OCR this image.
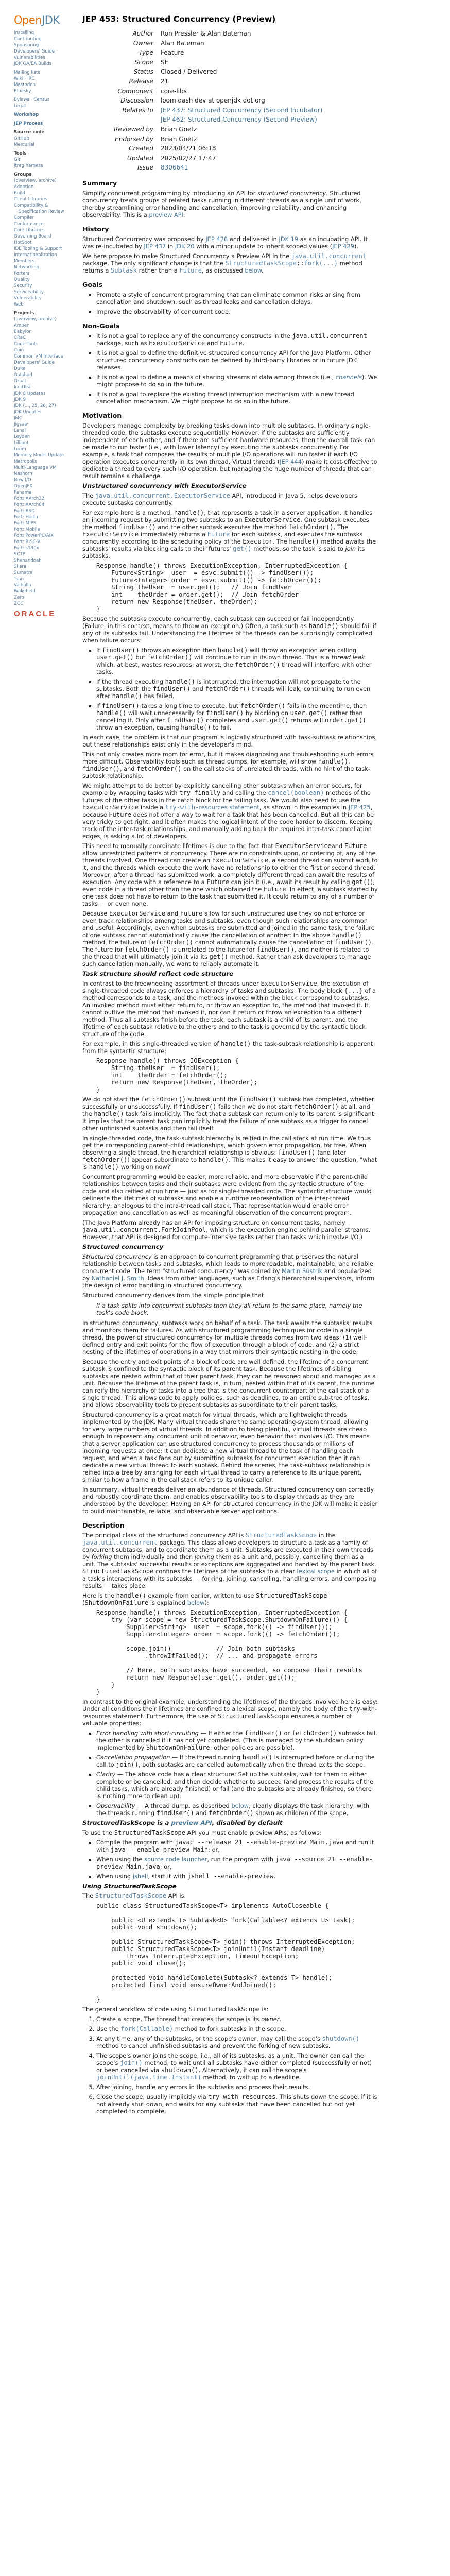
OpenJDK
Installing
Contributing
Sponsoring
Developers' Guide
Vulnerabilities
JDK GA/EA Builds
Mailing lists
Wiki · IRC
Mastodon
Bluesky
Bylaws · Census
Legal
Workshop
JEP Process
Source code
GitHub
Mercurial
Tools
Git
jtreg harness
Groups
(overview, archive)
Adoption
Build
Client Libraries
Compatibility & Specification Review
Compiler
Conformance
Core Libraries
Governing Board
HotSpot
IDE Tooling & Support
Internationalization
Members
Networking
Porters
Quality
Security
Serviceability
Vulnerability
Web
Projects
(overview, archive)
Amber
Babylon
CRaC
Code Tools
Coin
Common VM Interface
Developers' Guide
Duke
Galahad
Graal
IcedTea
JDK 8 Updates
JDK 9
JDK (..., 25, 26, 27)
JDK Updates
JMC
Jigsaw
Lanai
Leyden
Lilliput
Loom
Memory Model Update
Metropolis
Multi-Language VM
Nashorn
New I/O
OpenJFX
Panama
Port: AArch32
Port: AArch64
Port: BSD
Port: Haiku
Port: MIPS
Port: Mobile
Port: PowerPC/AIX
Port: RISC-V
Port: s390x
SCTP
Shenandoah
Skara
Sumatra
Tsan
Valhalla
Wakefield
Zero
ZGC
ORACLE
JEP 453: Structured Concurrency (Preview)
Author	Ron Pressler & Alan Bateman

Owner	Alan Bateman

Type	Feature

Scope	SE

Status	Closed / Delivered

Release	21

Component	core-libs

Discussion	loom dash dev at openjdk dot org

Relates to	JEP 437: Structured Concurrency (Second Incubator)
JEP 462: Structured Concurrency (Second Preview)

Reviewed by	Brian Goetz

Endorsed by	Brian Goetz

Created	2023/04/21 06:18

Updated	2025/02/27 17:47

Issue	8306641
Summary

Simplify concurrent programming by introducing an API for structured concurrency. Structured concurrency treats groups of related tasks running in different threads as a single unit of work, thereby streamlining error handling and cancellation, improving reliability, and enhancing observability. This is a preview API.

History

Structured Concurrency was proposed by JEP 428 and delivered in JDK 19 as an incubating API. It was re-incubated by JEP 437 in JDK 20 with a minor update to inherit scoped values (JEP 429).

We here propose to make Structured Concurrency a Preview API in the java.util.concurrent package. The only significant change is that the StructuredTaskScope::fork(...) method returns a Subtask rather than a Future, as discussed below.

Goals
▪ Promote a style of concurrent programming that can eliminate common risks arising from cancellation and shutdown, such as thread leaks and cancellation delays.
▪ Improve the observability of concurrent code.
Non-Goals
▪ It is not a goal to replace any of the concurrency constructs in the java.util.concurrent package, such as ExecutorService and Future.
▪ It is not a goal to define the definitive structured concurrency API for the Java Platform. Other structured concurrency constructs can be defined by third-party libraries or in future JDK releases.
▪ It is not a goal to define a means of sharing streams of data among threads (i.e., channels). We might propose to do so in the future.
▪ It is not a goal to replace the existing thread interruption mechanism with a new thread cancellation mechanism. We might propose to do so in the future.
Motivation

Developers manage complexity by breaking tasks down into multiple subtasks. In ordinary single-threaded code, the subtasks execute sequentially. However, if the subtasks are sufficiently independent of each other, and if there are sufficient hardware resources, then the overall task can be made to run faster (i.e., with lower latency) by executing the subtasks concurrently. For example, a task that composes the results of multiple I/O operations will run faster if each I/O operation executes concurrently in its own thread. Virtual threads (JEP 444) make it cost-effective to dedicate a thread to every such I/O operation, but managing the huge number of threads that can result remains a challenge.

Unstructured concurrency with ExecutorService

The java.util.concurrent.ExecutorService API, introduced in Java 5, helps developers execute subtasks concurrently.

For example here is a method, handle(), that represents a task in a server application. It handles an incoming request by submitting two subtasks to an ExecutorService. One subtask executes the method findUser() and the other subtask executes the method fetchOrder(). The ExecutorService immediately returns a Future for each subtask, and executes the subtasks concurrently according to the scheduling policy of the Executor. The handle() method awaits the subtasks' results via blocking calls to their futures' get() methods, so the task is said to join its subtasks.

Response handle() throws ExecutionException, InterruptedException {
Future<String>  user  = esvc.submit(() -> findUser());
Future<Integer> order = esvc.submit(() -> fetchOrder());
String theUser  = user.get();   // Join findUser
int    theOrder = order.get();  // Join fetchOrder
return new Response(theUser, theOrder);
}

Because the subtasks execute concurrently, each subtask can succeed or fail independently. (Failure, in this context, means to throw an exception.) Often, a task such as handle() should fail if any of its subtasks fail. Understanding the lifetimes of the threads can be surprisingly complicated when failure occurs:

▪ If findUser() throws an exception then handle() will throw an exception when calling user.get() but fetchOrder() will continue to run in its own thread. This is a thread leak which, at best, wastes resources; at worst, the fetchOrder() thread will interfere with other tasks.
▪ If the thread executing handle() is interrupted, the interruption will not propagate to the subtasks. Both the findUser() and fetchOrder() threads will leak, continuing to run even after handle() has failed.
▪ If findUser() takes a long time to execute, but fetchOrder() fails in the meantime, then handle() will wait unnecessarily for findUser() by blocking on user.get() rather than cancelling it. Only after findUser() completes and user.get() returns will order.get() throw an exception, causing handle() to fail.

In each case, the problem is that our program is logically structured with task-subtask relationships, but these relationships exist only in the developer's mind.

This not only creates more room for error, but it makes diagnosing and troubleshooting such errors more difficult. Observability tools such as thread dumps, for example, will show handle(), findUser(), and fetchOrder() on the call stacks of unrelated threads, with no hint of the task-subtask relationship.

We might attempt to do better by explicitly cancelling other subtasks when an error occurs, for example by wrapping tasks with try-finally and calling the cancel(boolean) methods of the futures of the other tasks in the catch block for the failing task. We would also need to use the ExecutorService inside a try-with-resources statement, as shown in the examples in JEP 425, because Future does not offer a way to wait for a task that has been cancelled. But all this can be very tricky to get right, and it often makes the logical intent of the code harder to discern. Keeping track of the inter-task relationships, and manually adding back the required inter-task cancellation edges, is asking a lot of developers.

This need to manually coordinate lifetimes is due to the fact that ExecutorServiceand Future allow unrestricted patterns of concurrency. There are no constraints upon, or ordering of, any of the threads involved. One thread can create an ExecutorService, a second thread can submit work to it, and the threads which execute the work have no relationship to either the first or second thread. Moreover, after a thread has submitted work, a completely different thread can await the results of execution. Any code with a reference to a Future can join it (i.e., await its result by calling get()), even code in a thread other than the one which obtained the Future. In effect, a subtask started by one task does not have to return to the task that submitted it. It could return to any of a number of tasks — or even none.

Because ExecutorService and Future allow for such unstructured use they do not enforce or even track relationships among tasks and subtasks, even though such relationships are common and useful. Accordingly, even when subtasks are submitted and joined in the same task, the failure of one subtask cannot automatically cause the cancellation of another: In the above handle() method, the failure of fetchOrder() cannot automatically cause the cancellation of findUser(). The future for fetchOrder() is unrelated to the future for findUser(), and neither is related to the thread that will ultimately join it via its get() method. Rather than ask developers to manage such cancellation manually, we want to reliably automate it.

Task structure should reflect code structure

In contrast to the freewheeling assortment of threads under ExecutorService, the execution of single-threaded code always enforces a hierarchy of tasks and subtasks. The body block {...} of a method corresponds to a task, and the methods invoked within the block correspond to subtasks. An invoked method must either return to, or throw an exception to, the method that invoked it. It cannot outlive the method that invoked it, nor can it return or throw an exception to a different method. Thus all subtasks finish before the task, each subtask is a child of its parent, and the lifetime of each subtask relative to the others and to the task is governed by the syntactic block structure of the code.

For example, in this single-threaded version of handle() the task-subtask relationship is apparent from the syntactic structure:

Response handle() throws IOException {
String theUser  = findUser();
int    theOrder = fetchOrder();
return new Response(theUser, theOrder);
}

We do not start the fetchOrder() subtask until the findUser() subtask has completed, whether successfully or unsuccessfully. If findUser() fails then we do not start fetchOrder() at all, and the handle() task fails implicitly. The fact that a subtask can return only to its parent is significant: It implies that the parent task can implicitly treat the failure of one subtask as a trigger to cancel other unfinished subtasks and then fail itself.

In single-threaded code, the task-subtask hierarchy is reified in the call stack at run time. We thus get the corresponding parent-child relationships, which govern error propagation, for free. When observing a single thread, the hierarchical relationship is obvious: findUser() (and later fetchOrder()) appear subordinate to handle(). This makes it easy to answer the question, "what is handle() working on now?"

Concurrent programming would be easier, more reliable, and more observable if the parent-child relationships between tasks and their subtasks were evident from the syntactic structure of the code and also reified at run time — just as for single-threaded code. The syntactic structure would delineate the lifetimes of subtasks and enable a runtime representation of the inter-thread hierarchy, analogous to the intra-thread call stack. That representation would enable error propagation and cancellation as well as meaningful observation of the concurrent program.

(The Java Platform already has an API for imposing structure on concurrent tasks, namely java.util.concurrent.ForkJoinPool, which is the execution engine behind parallel streams. However, that API is designed for compute-intensive tasks rather than tasks which involve I/O.)

Structured concurrency

Structured concurrency is an approach to concurrent programming that preserves the natural relationship between tasks and subtasks, which leads to more readable, maintainable, and reliable concurrent code. The term "structured concurrency" was coined by Martin Sústrik and popularized by Nathaniel J. Smith. Ideas from other languages, such as Erlang's hierarchical supervisors, inform the design of error handling in structured concurrency.

Structured concurrency derives from the simple principle that

If a task splits into concurrent subtasks then they all return to the same place, namely the task's code block.

In structured concurrency, subtasks work on behalf of a task. The task awaits the subtasks' results and monitors them for failures. As with structured programming techniques for code in a single thread, the power of structured concurrency for multiple threads comes from two ideas: (1) well-defined entry and exit points for the flow of execution through a block of code, and (2) a strict nesting of the lifetimes of operations in a way that mirrors their syntactic nesting in the code.

Because the entry and exit points of a block of code are well defined, the lifetime of a concurrent subtask is confined to the syntactic block of its parent task. Because the lifetimes of sibling subtasks are nested within that of their parent task, they can be reasoned about and managed as a unit. Because the lifetime of the parent task is, in turn, nested within that of its parent, the runtime can reify the hierarchy of tasks into a tree that is the concurrent counterpart of the call stack of a single thread. This allows code to apply policies, such as deadlines, to an entire sub-tree of tasks, and allows observability tools to present subtasks as subordinate to their parent tasks.

Structured concurrency is a great match for virtual threads, which are lightweight threads implemented by the JDK. Many virtual threads share the same operating-system thread, allowing for very large numbers of virtual threads. In addition to being plentiful, virtual threads are cheap enough to represent any concurrent unit of behavior, even behavior that involves I/O. This means that a server application can use structured concurrency to process thousands or millions of incoming requests at once: It can dedicate a new virtual thread to the task of handling each request, and when a task fans out by submitting subtasks for concurrent execution then it can dedicate a new virtual thread to each subtask. Behind the scenes, the task-subtask relationship is reified into a tree by arranging for each virtual thread to carry a reference to its unique parent, similar to how a frame in the call stack refers to its unique caller.

In summary, virtual threads deliver an abundance of threads. Structured concurrency can correctly and robustly coordinate them, and enables observability tools to display threads as they are understood by the developer. Having an API for structured concurrency in the JDK will make it easier to build maintainable, reliable, and observable server applications.

Description

The principal class of the structured concurrency API is StructuredTaskScope in the java.util.concurrent package. This class allows developers to structure a task as a family of concurrent subtasks, and to coordinate them as a unit. Subtasks are executed in their own threads by forking them individually and then joining them as a unit and, possibly, cancelling them as a unit. The subtasks' successful results or exceptions are aggregated and handled by the parent task. StructuredTaskScope confines the lifetimes of the subtasks to a clear lexical scope in which all of a task's interactions with its subtasks — forking, joining, cancelling, handling errors, and composing results — takes place.

Here is the handle() example from earlier, written to use StructuredTaskScope (ShutdownOnFailure is explained below):

Response handle() throws ExecutionException, InterruptedException {
try (var scope = new StructuredTaskScope.ShutdownOnFailure()) {
Supplier<String>  user  = scope.fork(() -> findUser());
Supplier<Integer> order = scope.fork(() -> fetchOrder());

scope.join()            // Join both subtasks
.throwIfFailed();  // ... and propagate errors

// Here, both subtasks have succeeded, so compose their results
return new Response(user.get(), order.get());
}
}

In contrast to the original example, understanding the lifetimes of the threads involved here is easy: Under all conditions their lifetimes are confined to a lexical scope, namely the body of the try-with-resources statement. Furthermore, the use of StructuredTaskScope ensures a number of valuable properties:

▪ Error handling with short-circuiting — If either the findUser() or fetchOrder() subtasks fail, the other is cancelled if it has not yet completed. (This is managed by the shutdown policy implemented by ShutdownOnFailure; other policies are possible).
▪ Cancellation propagation — If the thread running handle() is interrupted before or during the call to join(), both subtasks are cancelled automatically when the thread exits the scope.
▪ Clarity — The above code has a clear structure: Set up the subtasks, wait for them to either complete or be cancelled, and then decide whether to succeed (and process the results of the child tasks, which are already finished) or fail (and the subtasks are already finished, so there is nothing more to clean up).
▪ Observability — A thread dump, as described below, clearly displays the task hierarchy, with the threads running findUser() and fetchOrder() shown as children of the scope.
StructuredTaskScope is a preview API, disabled by default

To use the StructuredTaskScope API you must enable preview APIs, as follows:

▪ Compile the program with javac --release 21 --enable-preview Main.java and run it with java --enable-preview Main; or,
▪ When using the source code launcher, run the program with java --source 21 --enable-preview Main.java; or,
▪ When using jshell, start it with jshell --enable-preview.
Using StructuredTaskScope

The StructuredTaskScope API is:

public class StructuredTaskScope<T> implements AutoCloseable {

public <U extends T> Subtask<U> fork(Callable<? extends U> task);
public void shutdown();

public StructuredTaskScope<T> join() throws InterruptedException;
public StructuredTaskScope<T> joinUntil(Instant deadline)
throws InterruptedException, TimeoutException;
public void close();

protected void handleComplete(Subtask<? extends T> handle);
protected final void ensureOwnerAndJoined();

}

The general workflow of code using StructuredTaskScope is:

1. Create a scope. The thread that creates the scope is its owner.
2. Use the fork(Callable) method to fork subtasks in the scope.
3. At any time, any of the subtasks, or the scope's owner, may call the scope's shutdown() method to cancel unfinished subtasks and prevent the forking of new subtasks.
4. The scope's owner joins the scope, i.e., all of its subtasks, as a unit. The owner can call the scope's join() method, to wait until all subtasks have either completed (successfully or not) or been cancelled via shutdown(). Alternatively, it can call the scope's joinUntil(java.time.Instant) method, to wait up to a deadline.
5. After joining, handle any errors in the subtasks and process their results.
6. Close the scope, usually implicitly via try-with-resources. This shuts down the scope, if it is not already shut down, and waits for any subtasks that have been cancelled but not yet completed to complete.
